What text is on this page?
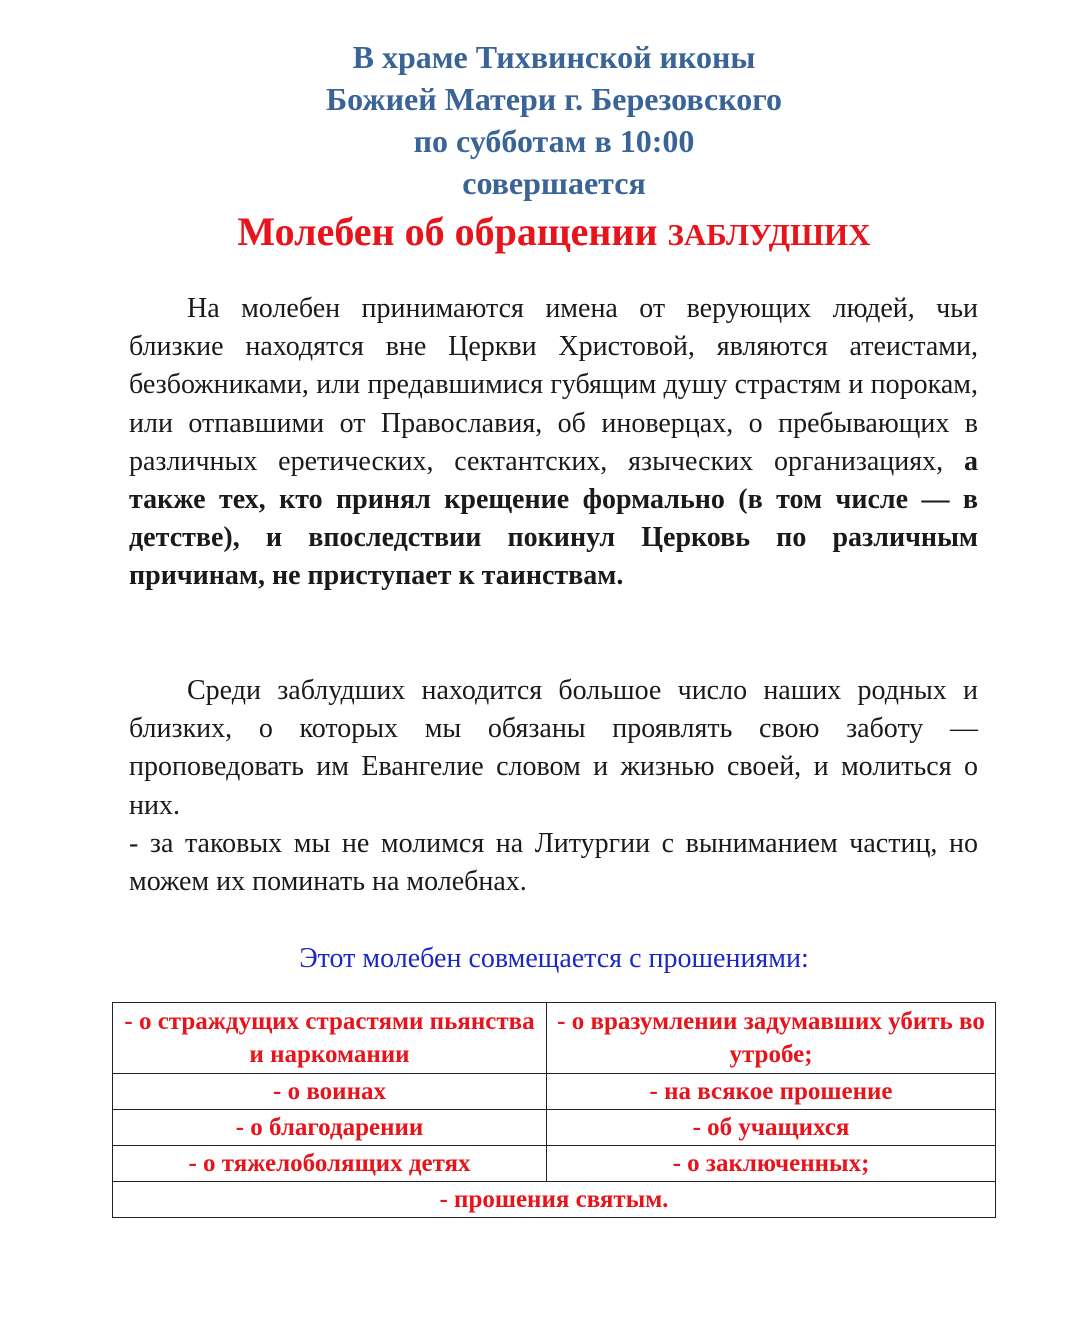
В храме Тихвинской иконы
Божией Матери г. Березовского
по субботам в 10:00
совершается
Молебен об обращении ЗАБЛУДШИХ

На молебен принимаются имена от верующих людей, чьи близкие находятся вне Церкви Христовой, являются атеистами, безбожниками, или предавшимися губящим душу страстям и порокам, или отпавшими от Православия, об иноверцах, о пребывающих в различных еретических, сектантских, языческих организациях, а также тех, кто принял крещение формально (в том числе — в детстве), и впоследствии покинул Церковь по различным причинам, не приступает к таинствам.

Среди заблудших находится большое число наших родных и близких, о которых мы обязаны проявлять свою заботу — проповедовать им Евангелие словом и жизнью своей, и молиться о них.

- за таковых мы не молимся на Литургии с выниманием частиц, но можем их поминать на молебнах.

Этот молебен совмещается с прошениями:
- о страждущих страстями пьянства и наркомании	- о вразумлении задумавших убить во утробе;
- о воинах	- на всякое прошение
- о благодарении	- об учащихся
- о тяжелоболящих детях	- о заключенных;
- прошения святым.	
